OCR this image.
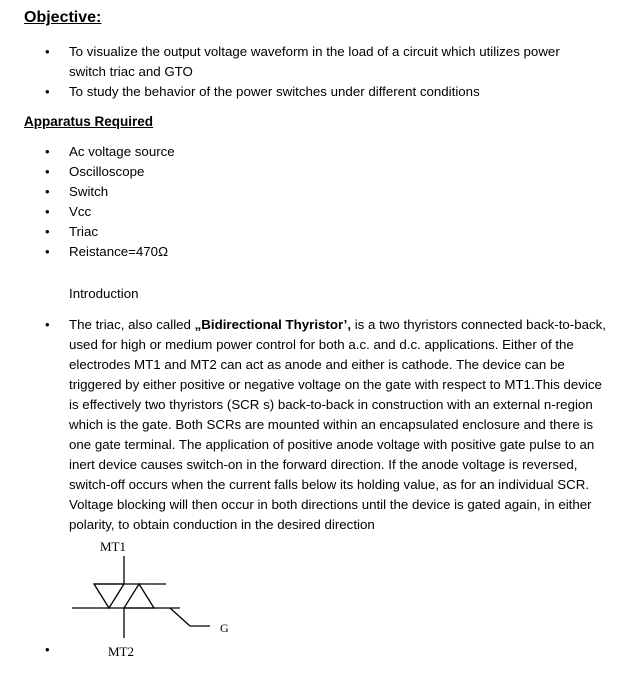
Objective:
• To visualize the output voltage waveform in the load of a circuit which utilizes power switch triac and GTO
• To study the behavior of the power switches under different conditions
Apparatus Required
• Ac voltage source
• Oscilloscope
• Switch
• Vcc
• Triac
• Reistance=470Ω

Introduction

• The triac, also called „Bidirectional Thyristor’, is a two thyristors connected back-to-back, used for high or medium power control for both a.c. and d.c. applications. Either of the electrodes MT1 and MT2 can act as anode and either is cathode. The device can be triggered by either positive or negative voltage on the gate with respect to MT1.This device is effectively two thyristors (SCR s) back-to-back in construction with an external n-region which is the gate. Both SCRs are mounted within an encapsulated enclosure and there is one gate terminal. The application of positive anode voltage with positive gate pulse to an inert device causes switch-on in the forward direction. If the anode voltage is reversed, switch-off occurs when the current falls below its holding value, as for an individual SCR. Voltage blocking will then occur in both directions until the device is gated again, in either polarity, to obtain conduction in the desired direction

MT1
G
MT2
•
